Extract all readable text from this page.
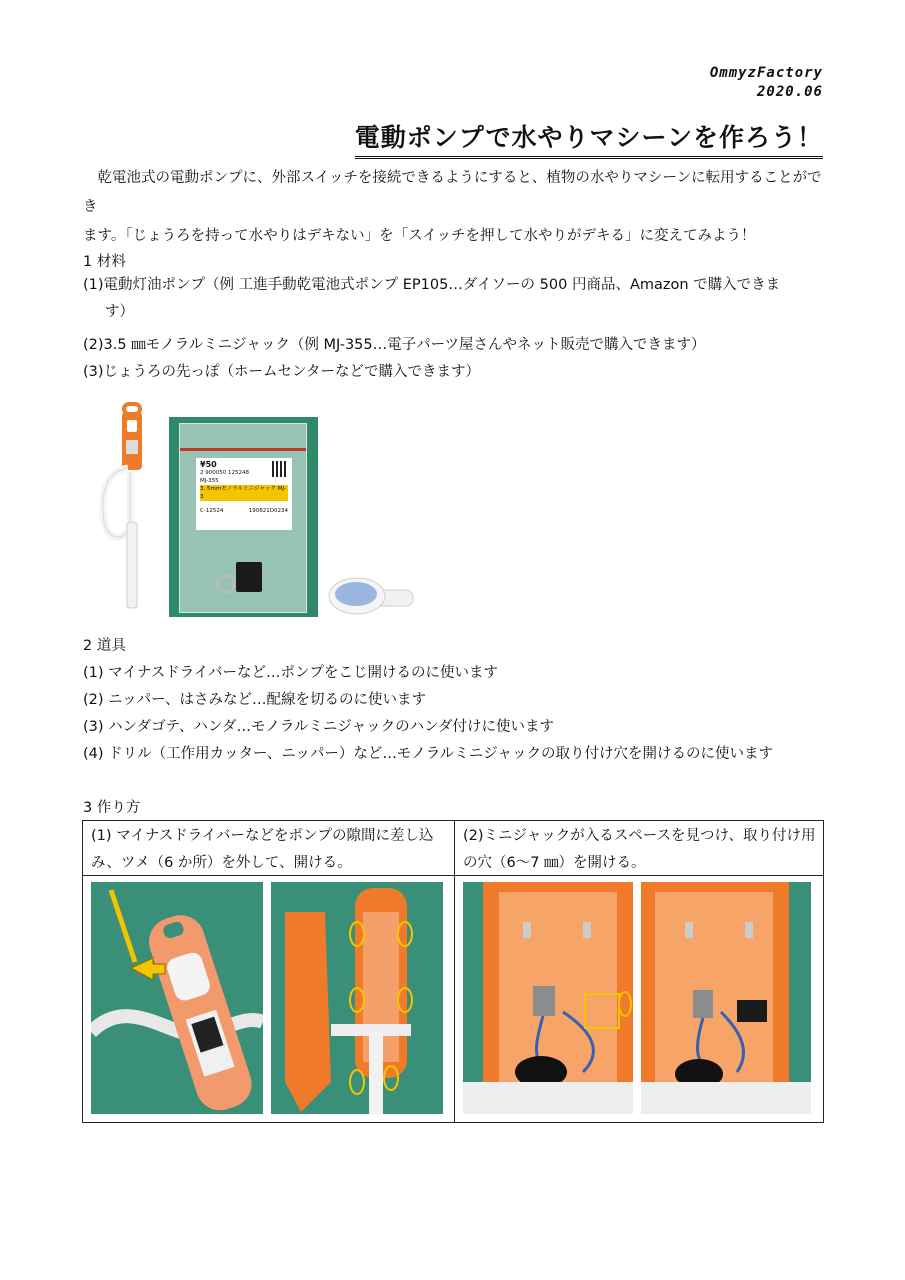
OmmyzFactory
2020.06
電動ポンプで水やりマシーンを作ろう！

乾電池式の電動ポンプに、外部スイッチを接続できるようにすると、植物の水やりマシーンに転用することができ

ます。「じょうろを持って水やりはデキない」を「スイッチを押して水やりがデキる」に変えてみよう！
1 材料
(1)電動灯油ポンプ（例 工進手動乾電池式ポンプ EP105…ダイソーの 500 円商品、Amazon で購入できま
す）
(2)3.5 ㎜モノラルミニジャック（例 MJ-355…電子パーツ屋さんやネット販売で購入できます）
(3)じょうろの先っぽ（ホームセンターなどで購入できます）
¥50
2 900050 125248
MJ-355
3. 5mmモノラルミニジャック MJ-3
C-12524	190821D0234
2 道具
(1) マイナスドライバーなど…ポンプをこじ開けるのに使います
(2) ニッパー、はさみなど…配線を切るのに使います
(3) ハンダゴテ、ハンダ…モノラルミニジャックのハンダ付けに使います
(4) ドリル（工作用カッター、ニッパー）など…モノラルミニジャックの取り付け穴を開けるのに使います
3 作り方
(1) マイナスドライバーなどをポンプの隙間に差し込み、ツメ（6 か所）を外して、開ける。	(2)ミニジャックが入るスペースを見つけ、取り付け用の穴（6～7 ㎜）を開ける。
